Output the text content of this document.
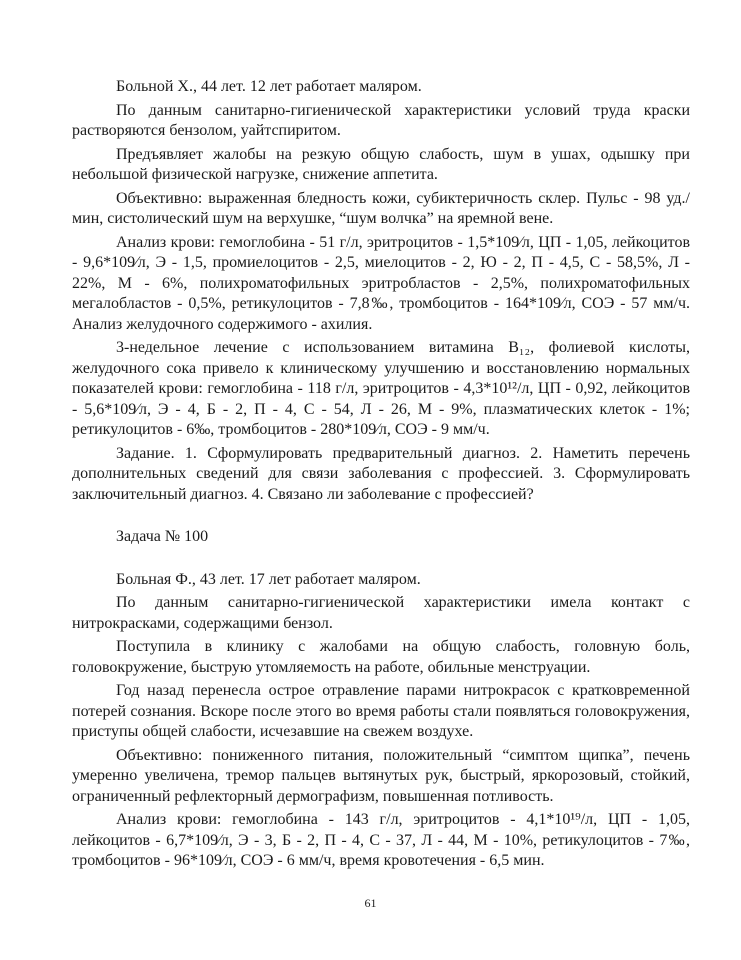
Больной Х., 44 лет. 12 лет работает маляром.

По данным санитарно-гигиенической характеристики условий труда краски растворяются бензолом, уайтспиритом.

Предъявляет жалобы на резкую общую слабость, шум в ушах, одышку при небольшой физической нагрузке, снижение аппетита.

Объективно: выраженная бледность кожи, субиктеричность склер. Пульс - 98 уд./мин, систолический шум на верхушке, “шум волчка” на яремной вене.

Анализ крови: гемоглобина - 51 г/л, эритроцитов - 1,5*109⁄л, ЦП - 1,05, лейкоцитов - 9,6*109⁄л, Э - 1,5, промиелоцитов - 2,5, миелоцитов - 2, Ю - 2, П - 4,5, С - 58,5%, Л - 22%, М - 6%, полихроматофильных эритробластов - 2,5%, полихроматофильных мегалобластов - 0,5%, ретикулоцитов - 7,8‰, тромбоцитов - 164*109⁄л, СОЭ - 57 мм/ч. Анализ желудочного содержимого - ахилия.

3-недельное лечение с использованием витамина B₁₂, фолиевой кислоты, желудочного сока привело к клиническому улучшению и восстановлению нормальных показателей крови: гемоглобина - 118 г/л, эритроцитов - 4,3*10¹²/л, ЦП - 0,92, лейкоцитов - 5,6*109⁄л, Э - 4, Б - 2, П - 4, С - 54, Л - 26, М - 9%, плазматических клеток - 1%; ретикулоцитов - 6‰, тромбоцитов - 280*109⁄л, СОЭ - 9 мм/ч.

Задание. 1. Сформулировать предварительный диагноз. 2. Наметить перечень дополнительных сведений для связи заболевания с профессией. 3. Сформулировать заключительный диагноз. 4. Связано ли заболевание с профессией?

Задача № 100

Больная Ф., 43 лет. 17 лет работает маляром.

По данным санитарно-гигиенической характеристики имела контакт с нитрокрасками, содержащими бензол.

Поступила в клинику с жалобами на общую слабость, головную боль, головокружение, быструю утомляемость на работе, обильные менструации.

Год назад перенесла острое отравление парами нитрокрасок с кратковременной потерей сознания. Вскоре после этого во время работы стали появляться головокружения, приступы общей слабости, исчезавшие на свежем воздухе.

Объективно: пониженного питания, положительный “симптом щипка”, печень умеренно увеличена, тремор пальцев вытянутых рук, быстрый, яркорозовый, стойкий, ограниченный рефлекторный дермографизм, повышенная потливость.

Анализ крови: гемоглобина - 143 г/л, эритроцитов - 4,1*10¹⁹/л, ЦП - 1,05, лейкоцитов - 6,7*109⁄л, Э - 3, Б - 2, П - 4, С - 37, Л - 44, М - 10%, ретикулоцитов - 7‰, тромбоцитов - 96*109⁄л, СОЭ - 6 мм/ч, время кровотечения - 6,5 мин.

61
